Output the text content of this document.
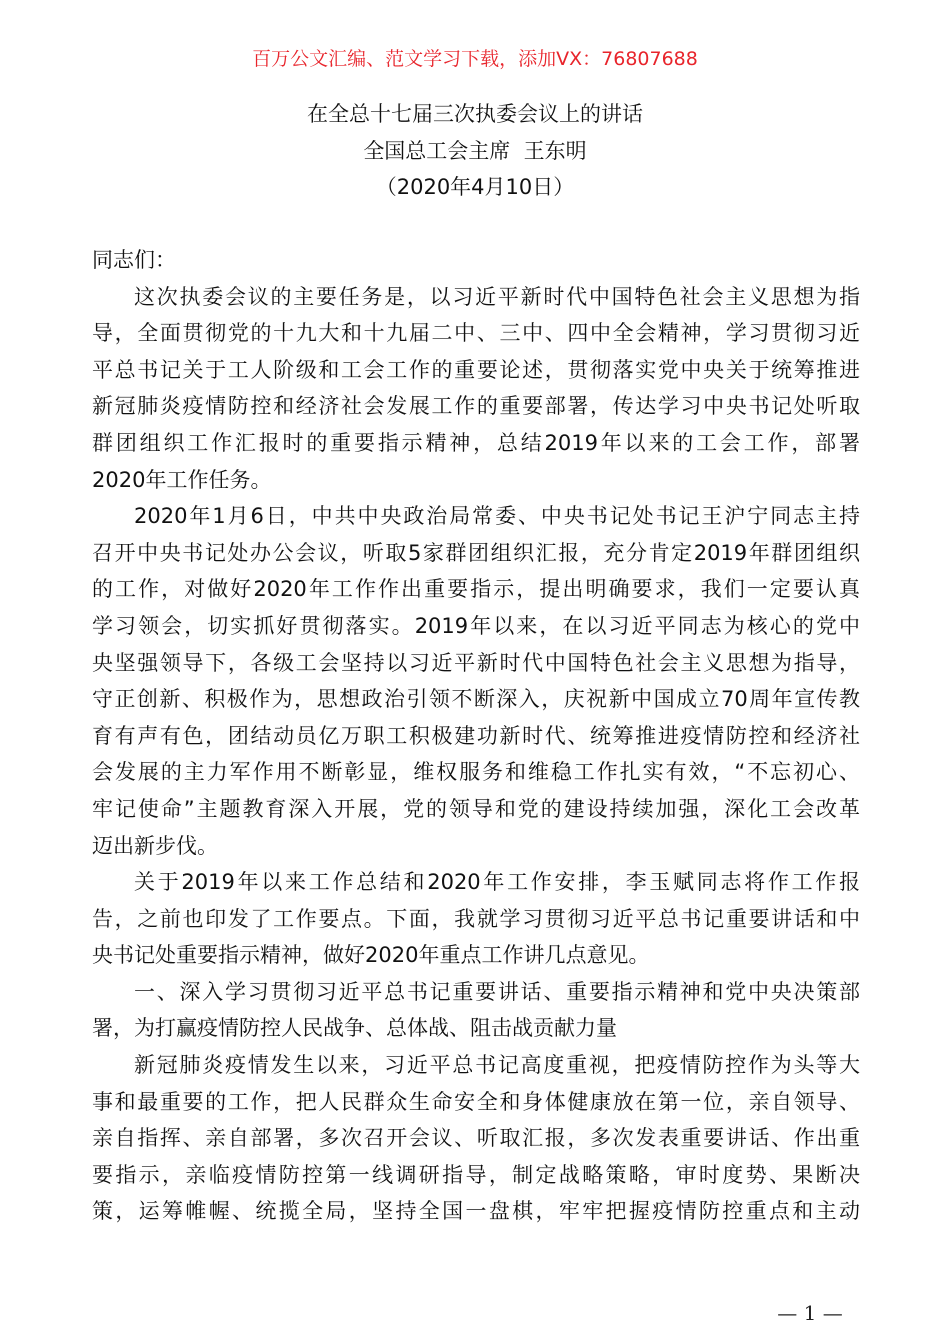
百万公文汇编、范文学习下载，添加VX：76807688
在全总十七届三次执委会议上的讲话
全国总工会主席  王东明
（2020年4月10日）

同志们：

这次执委会议的主要任务是，以习近平新时代中国特色社会主义思想为指
导，全面贯彻党的十九大和十九届二中、三中、四中全会精神，学习贯彻习近
平总书记关于工人阶级和工会工作的重要论述，贯彻落实党中央关于统筹推进
新冠肺炎疫情防控和经济社会发展工作的重要部署，传达学习中央书记处听取
群团组织工作汇报时的重要指示精神，总结2019年以来的工会工作，部署
2020年工作任务。

2020年1月6日，中共中央政治局常委、中央书记处书记王沪宁同志主持
召开中央书记处办公会议，听取5家群团组织汇报，充分肯定2019年群团组织
的工作，对做好2020年工作作出重要指示，提出明确要求，我们一定要认真
学习领会，切实抓好贯彻落实。2019年以来，在以习近平同志为核心的党中
央坚强领导下，各级工会坚持以习近平新时代中国特色社会主义思想为指导，
守正创新、积极作为，思想政治引领不断深入，庆祝新中国成立70周年宣传教
育有声有色，团结动员亿万职工积极建功新时代、统筹推进疫情防控和经济社
会发展的主力军作用不断彰显，维权服务和维稳工作扎实有效，“不忘初心、
牢记使命”主题教育深入开展，党的领导和党的建设持续加强，深化工会改革
迈出新步伐。

关于2019年以来工作总结和2020年工作安排，李玉赋同志将作工作报
告，之前也印发了工作要点。下面，我就学习贯彻习近平总书记重要讲话和中
央书记处重要指示精神，做好2020年重点工作讲几点意见。

一、深入学习贯彻习近平总书记重要讲话、重要指示精神和党中央决策部
署，为打赢疫情防控人民战争、总体战、阻击战贡献力量

新冠肺炎疫情发生以来，习近平总书记高度重视，把疫情防控作为头等大
事和最重要的工作，把人民群众生命安全和身体健康放在第一位，亲自领导、
亲自指挥、亲自部署，多次召开会议、听取汇报，多次发表重要讲话、作出重
要指示，亲临疫情防控第一线调研指导，制定战略策略，审时度势、果断决
策，运筹帷幄、统揽全局，坚持全国一盘棋，牢牢把握疫情防控重点和主动

— 1 —
